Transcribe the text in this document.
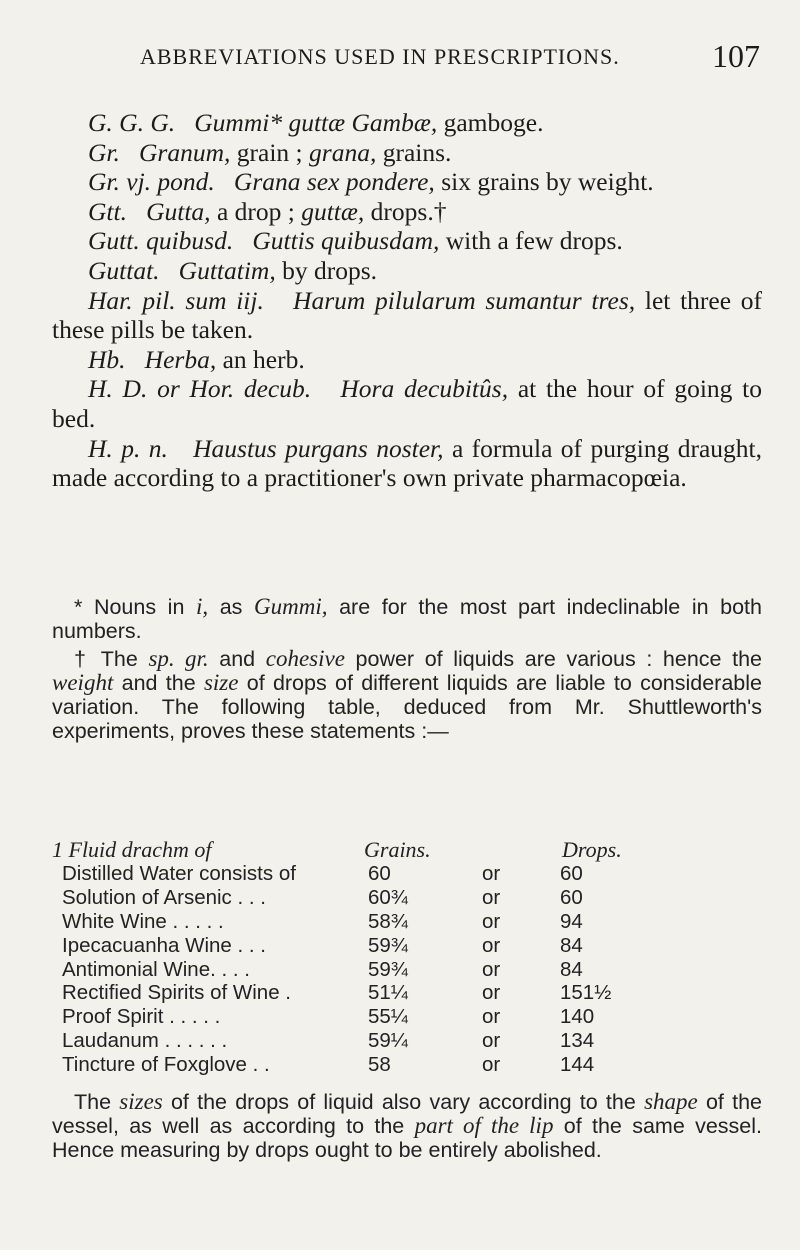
ABBREVIATIONS USED IN PRESCRIPTIONS.	107

G. G. G. Gummi* guttæ Gambæ, gamboge.

Gr. Granum, grain ; grana, grains.

Gr. vj. pond. Grana sex pondere, six grains by weight.

Gtt. Gutta, a drop ; guttæ, drops.†

Gutt. quibusd. Guttis quibusdam, with a few drops.

Guttat. Guttatim, by drops.

Har. pil. sum iij. Harum pilularum sumantur tres, let three of these pills be taken.

Hb. Herba, an herb.

H. D. or Hor. decub. Hora decubitûs, at the hour of going to bed.

H. p. n. Haustus purgans noster, a formula of purging draught, made according to a practitioner's own private pharmacopœia.

* Nouns in i, as Gummi, are for the most part indeclinable in both numbers.

† The sp. gr. and cohesive power of liquids are various : hence the weight and the size of drops of different liquids are liable to considerable variation. The following table, deduced from Mr. Shuttleworth's experiments, proves these statements :—

1 Fluid drachm of	Grains.	Drops.
Distilled Water consists of	60	or	60
Solution of Arsenic . . .	60¾	or	60
White Wine . . . . .	58¾	or	94
Ipecacuanha Wine . . .	59¾	or	84
Antimonial Wine. . . .	59¾	or	84
Rectified Spirits of Wine .	51¼	or	151½
Proof Spirit . . . . .	55¼	or	140
Laudanum . . . . . .	59¼	or	134
Tincture of Foxglove . .	58	or	144

The sizes of the drops of liquid also vary according to the shape of the vessel, as well as according to the part of the lip of the same vessel. Hence measuring by drops ought to be entirely abolished.
